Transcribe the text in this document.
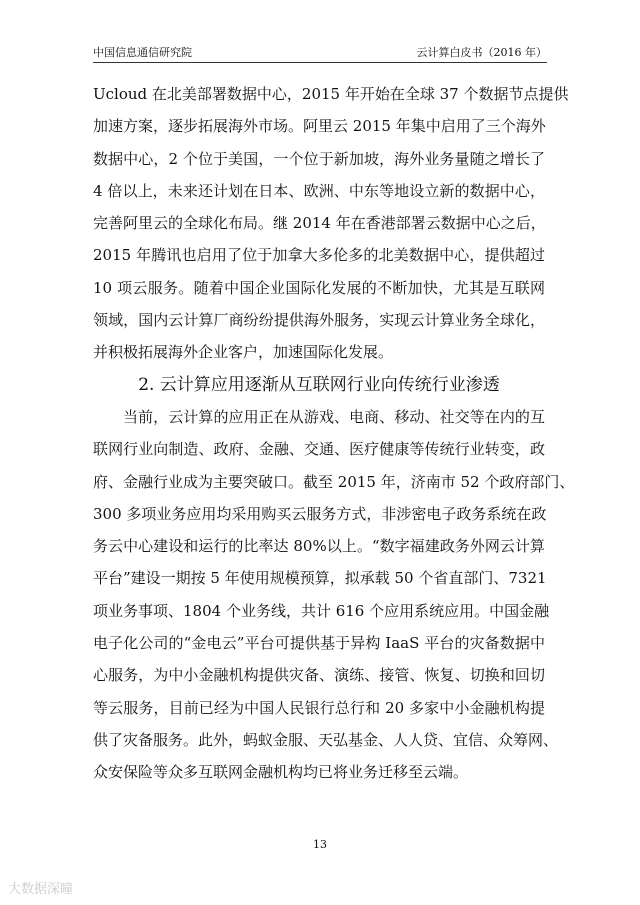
中国信息通信研究院	云计算白皮书（2016 年）
Ucloud 在北美部署数据中心，2015 年开始在全球 37 个数据节点提供
加速方案，逐步拓展海外市场。阿里云 2015 年集中启用了三个海外
数据中心，2 个位于美国，一个位于新加坡，海外业务量随之增长了
4 倍以上，未来还计划在日本、欧洲、中东等地设立新的数据中心，
完善阿里云的全球化布局。继 2014 年在香港部署云数据中心之后，
2015 年腾讯也启用了位于加拿大多伦多的北美数据中心，提供超过
10 项云服务。随着中国企业国际化发展的不断加快，尤其是互联网
领域，国内云计算厂商纷纷提供海外服务，实现云计算业务全球化，
并积极拓展海外企业客户，加速国际化发展。
2. 云计算应用逐渐从互联网行业向传统行业渗透
当前，云计算的应用正在从游戏、电商、移动、社交等在内的互
联网行业向制造、政府、金融、交通、医疗健康等传统行业转变，政
府、金融行业成为主要突破口。截至 2015 年，济南市 52 个政府部门、
300 多项业务应用均采用购买云服务方式，非涉密电子政务系统在政
务云中心建设和运行的比率达 80%以上。“数字福建政务外网云计算
平台”建设一期按 5 年使用规模预算，拟承载 50 个省直部门、7321
项业务事项、1804 个业务线，共计 616 个应用系统应用。中国金融
电子化公司的“金电云”平台可提供基于异构 IaaS 平台的灾备数据中
心服务，为中小金融机构提供灾备、演练、接管、恢复、切换和回切
等云服务，目前已经为中国人民银行总行和 20 多家中小金融机构提
供了灾备服务。此外，蚂蚁金服、天弘基金、人人贷、宜信、众筹网、
众安保险等众多互联网金融机构均已将业务迁移至云端。
13
大数据深瞳
